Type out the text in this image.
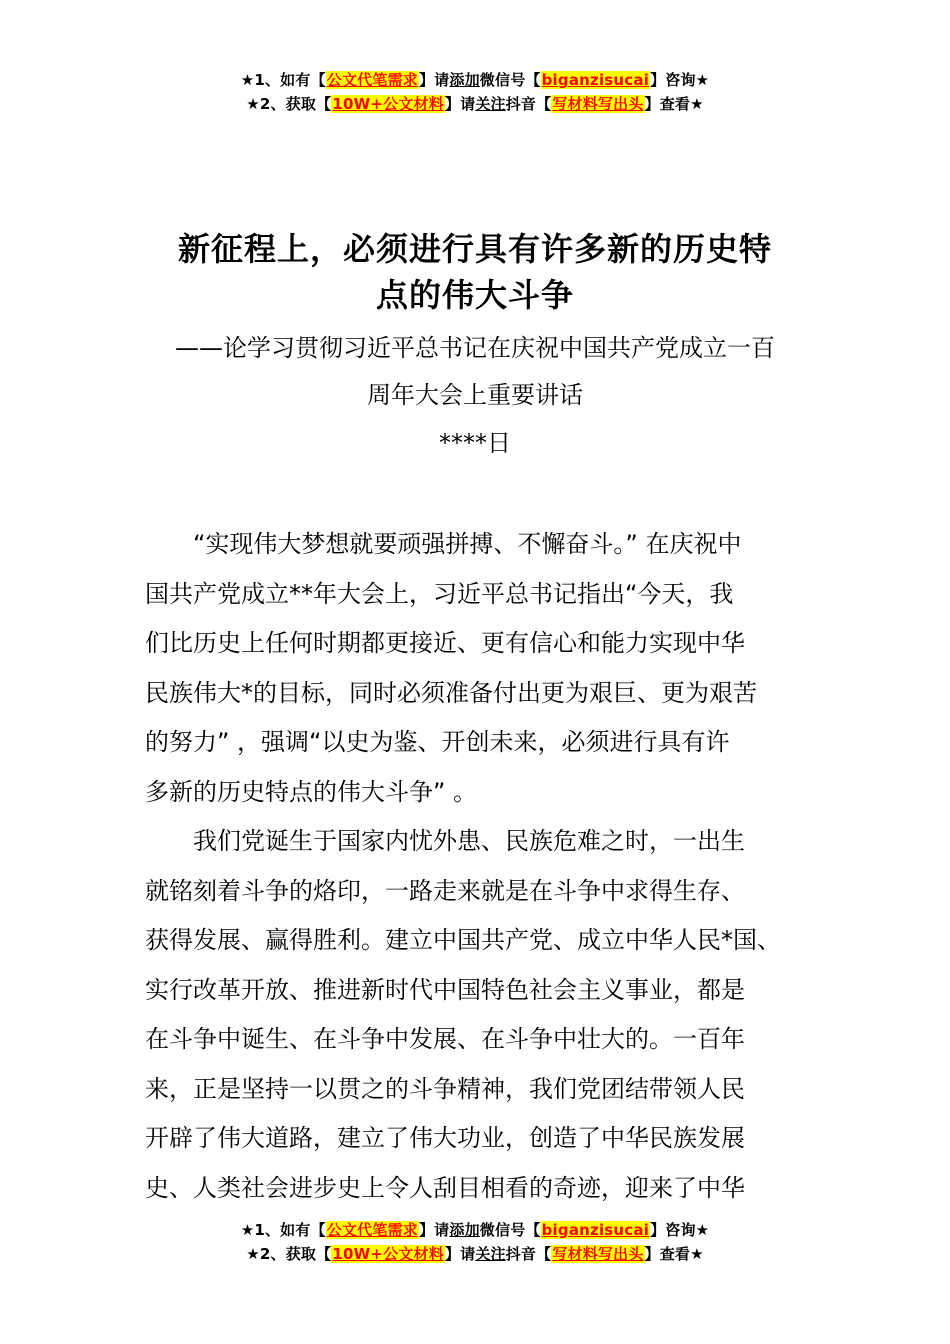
★1、如有【公文代笔需求】请添加微信号【biganzisucai】咨询★
★2、获取【10W+公文材料】请关注抖音【写材料写出头】查看★
新征程上，必须进行具有许多新的历史特
点的伟大斗争
——论学习贯彻习近平总书记在庆祝中国共产党成立一百
周年大会上重要讲话
****日
“实现伟大梦想就要顽强拼搏、不懈奋斗。” 在庆祝中
国共产党成立**年大会上，习近平总书记指出“今天，我
们比历史上任何时期都更接近、更有信心和能力实现中华
民族伟大*的目标，同时必须准备付出更为艰巨、更为艰苦
的努力” ，强调“以史为鉴、开创未来，必须进行具有许
多新的历史特点的伟大斗争” 。
我们党诞生于国家内忧外患、民族危难之时，一出生
就铭刻着斗争的烙印，一路走来就是在斗争中求得生存、
获得发展、赢得胜利。建立中国共产党、成立中华人民*国、
实行改革开放、推进新时代中国特色社会主义事业，都是
在斗争中诞生、在斗争中发展、在斗争中壮大的。一百年
来，正是坚持一以贯之的斗争精神，我们党团结带领人民
开辟了伟大道路，建立了伟大功业，创造了中华民族发展
史、人类社会进步史上令人刮目相看的奇迹，迎来了中华
★1、如有【公文代笔需求】请添加微信号【biganzisucai】咨询★
★2、获取【10W+公文材料】请关注抖音【写材料写出头】查看★
